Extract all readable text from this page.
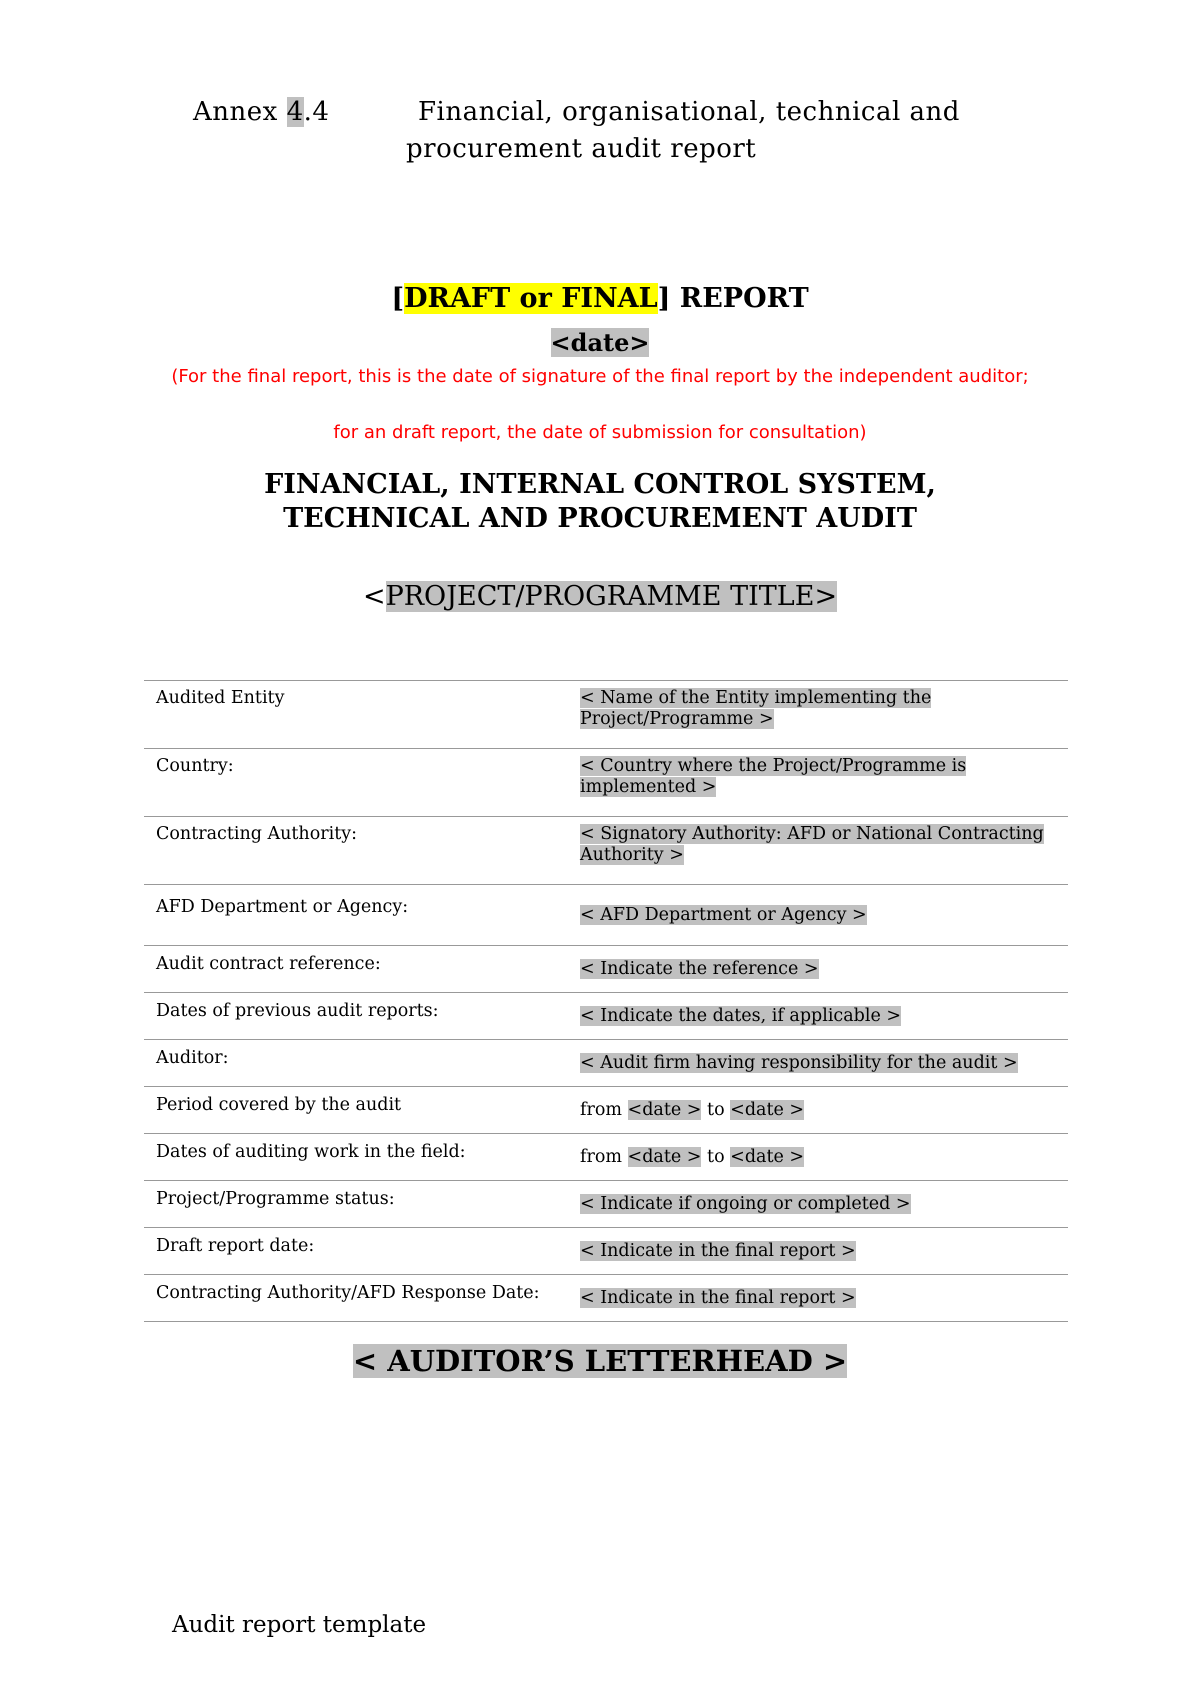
Annex 4.4	Financial, organisational, technical and
procurement audit report
[DRAFT or FINAL] REPORT
<date>
(For the final report, this is the date of signature of the final report by the independent auditor;
for an draft report, the date of submission for consultation)
FINANCIAL, INTERNAL CONTROL SYSTEM,
TECHNICAL AND PROCUREMENT AUDIT
<PROJECT/PROGRAMME TITLE>
Audited Entity	< Name of the Entity implementing the Project/Programme >
Country:	< Country where the Project/Programme is implemented >
Contracting Authority:	< Signatory Authority: AFD or National Contracting Authority >
AFD Department or Agency:	< AFD Department or Agency >
Audit contract reference:	< Indicate the reference >
Dates of previous audit reports:	< Indicate the dates, if applicable >
Auditor:	< Audit firm having responsibility for the audit >
Period covered by the audit	from <date > to <date >
Dates of auditing work in the field:	from <date > to <date >
Project/Programme status:	< Indicate if ongoing or completed >
Draft report date:	< Indicate in the final report >
Contracting Authority/AFD Response Date:	< Indicate in the final report >
< AUDITOR’S LETTERHEAD >
Audit report template
